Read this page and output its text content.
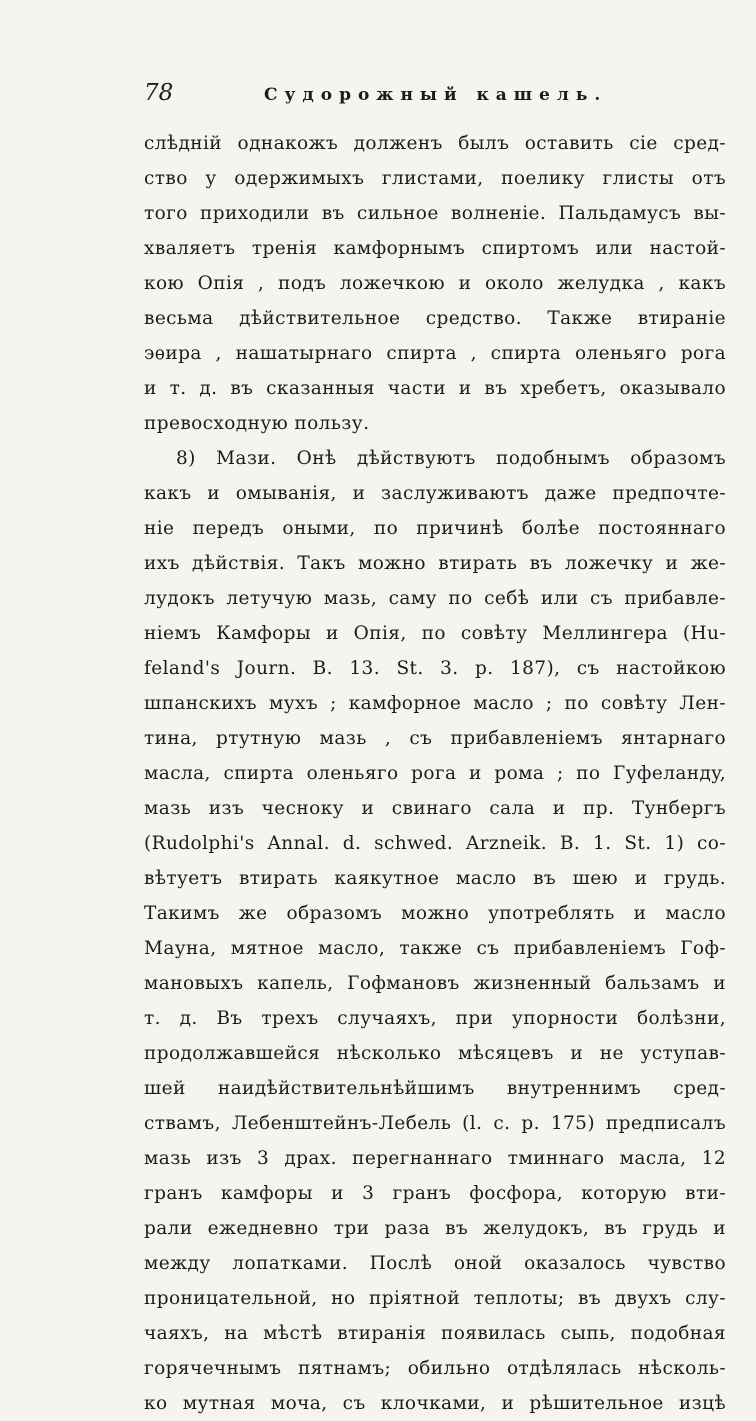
78	Судорожный кашель.
слѣдній однакожъ долженъ былъ оставить сіе сред-
ство у одержимыхъ глистами, поелику глисты отъ
того приходили въ сильное волненіе. Пальдамусъ вы-
хваляетъ тренія камфорнымъ спиртомъ или настой-
кою Опія , подъ ложечкою и около желудка , какъ
весьма дѣйствительное средство. Также втираніе
эѳира , нашатырнаго спирта , спирта оленьяго рога
и т. д. въ сказанныя части и въ хребетъ, оказывало
превосходную пользу.
8) Мази. Онѣ дѣйствуютъ подобнымъ образомъ
какъ и омыванія, и заслуживаютъ даже предпочте-
ніе передъ оными, по причинѣ болѣе постояннаго
ихъ дѣйствія. Такъ можно втирать въ ложечку и же-
лудокъ летучую мазь, саму по себѣ или съ прибавле-
ніемъ Камфоры и Опія, по совѣту Меллингера (Hu-
feland's Journ. B. 13. St. 3. p. 187), съ настойкою
шпанскихъ мухъ ; камфорное масло ; по совѣту Лен-
тина, ртутную мазь , съ прибавленіемъ янтарнаго
масла, спирта оленьяго рога и рома ; по Гуфеландy,
мазь изъ чесноку и свинаго сала и пр. Тунбергъ
(Rudolphi's Annal. d. schwed. Arzneik. B. 1. St. 1) со-
вѣтуетъ втирать каякутное масло въ шею и грудь.
Такимъ же образомъ можно употреблять и масло
Мауна, мятное масло, также съ прибавленіемъ Гоф-
мановыхъ капель, Гофмановъ жизненный бальзамъ и
т. д. Въ трехъ случаяхъ, при упорности болѣзни,
продолжавшейся нѣсколько мѣсяцевъ и не уступав-
шей наидѣйствительнѣйшимъ внутреннимъ сред-
ствамъ, Лебенштейнъ-Лебель (l. c. p. 175) предписалъ
мазь изъ 3 драх. перегнаннаго тминнаго масла, 12
гранъ камфоры и 3 гранъ фосфора, которую вти-
рали ежедневно три раза въ желудокъ, въ грудь и
между лопатками. Послѣ оной оказалось чувство
проницательной, но пріятной теплоты; въ двухъ слу-
чаяхъ, на мѣстѣ втиранія появилась сыпь, подобная
горячечнымъ пятнамъ; обильно отдѣлялась нѣсколь-
ко мутная моча, съ клочками, и рѣшительное изцѣ
